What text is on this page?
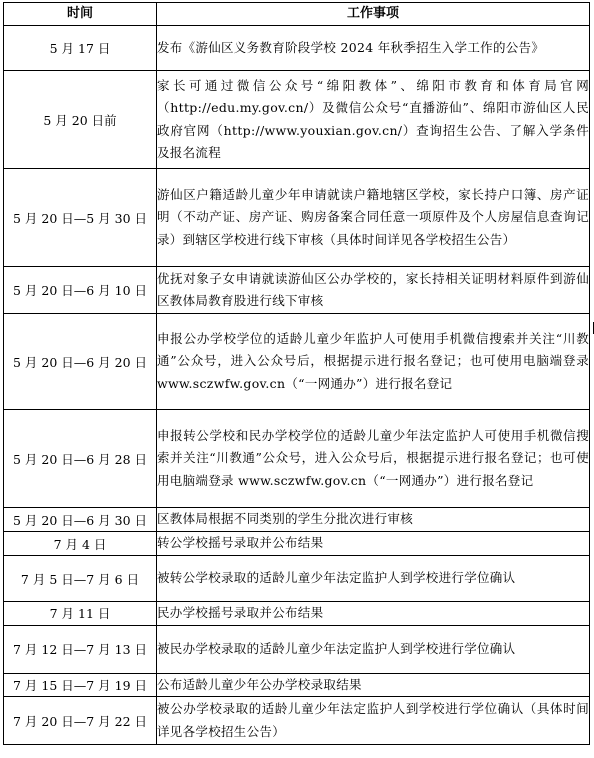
时间	工作事项
5 月 17 日	发布《游仙区义务教育阶段学校 2024 年秋季招生入学工作的公告》
5 月 20 日前	家长可通过微信公众号“绵阳教体”、绵阳市教育和体育局官网（http://edu.my.gov.cn/）及微信公众号“直播游仙”、绵阳市游仙区人民政府官网（http://www.youxian.gov.cn/）查询招生公告、了解入学条件及报名流程
5 月 20 日—5 月 30 日	游仙区户籍适龄儿童少年申请就读户籍地辖区学校，家长持户口簿、房产证明（不动产证、房产证、购房备案合同任意一项原件及个人房屋信息查询记录）到辖区学校进行线下审核（具体时间详见各学校招生公告）
5 月 20 日—6 月 10 日	优抚对象子女申请就读游仙区公办学校的，家长持相关证明材料原件到游仙区教体局教育股进行线下审核
5 月 20 日—6 月 20 日	申报公办学校学位的适龄儿童少年监护人可使用手机微信搜索并关注“川教通”公众号，进入公众号后，根据提示进行报名登记；也可使用电脑端登录 www.sczwfw.gov.cn（“一网通办”）进行报名登记
5 月 20 日—6 月 28 日	申报转公学校和民办学校学位的适龄儿童少年法定监护人可使用手机微信搜索并关注“川教通”公众号，进入公众号后，根据提示进行报名登记；也可使用电脑端登录 www.sczwfw.gov.cn（“一网通办”）进行报名登记
5 月 20 日—6 月 30 日	区教体局根据不同类别的学生分批次进行审核
7 月 4 日	转公学校摇号录取并公布结果
7 月 5 日—7 月 6 日	被转公学校录取的适龄儿童少年法定监护人到学校进行学位确认
7 月 11 日	民办学校摇号录取并公布结果
7 月 12 日—7 月 13 日	被民办学校录取的适龄儿童少年法定监护人到学校进行学位确认
7 月 15 日—7 月 19 日	公布适龄儿童少年公办学校录取结果
7 月 20 日—7 月 22 日	被公办学校录取的适龄儿童少年法定监护人到学校进行学位确认（具体时间详见各学校招生公告）
